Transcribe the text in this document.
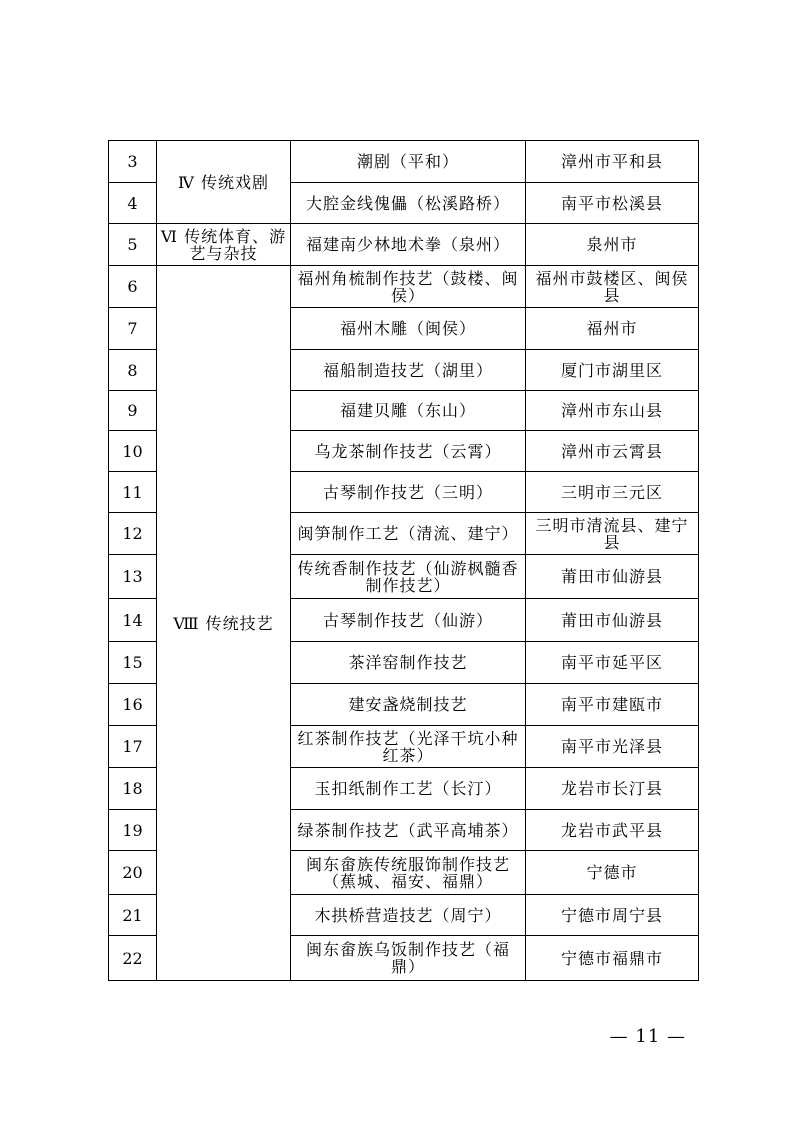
3	Ⅳ 传统戏剧	潮剧（平和）	漳州市平和县
4		大腔金线傀儡（松溪路桥）	南平市松溪县
5	Ⅵ 传统体育、游艺与杂技	福建南少林地术拳（泉州）	泉州市
6	Ⅷ 传统技艺	福州角梳制作技艺（鼓楼、闽侯）	福州市鼓楼区、闽侯县
7		福州木雕（闽侯）	福州市
8		福船制造技艺（湖里）	厦门市湖里区
9		福建贝雕（东山）	漳州市东山县
10		乌龙茶制作技艺（云霄）	漳州市云霄县
11		古琴制作技艺（三明）	三明市三元区
12		闽笋制作工艺（清流、建宁）	三明市清流县、建宁县
13		传统香制作技艺（仙游枫髓香制作技艺）	莆田市仙游县
14		古琴制作技艺（仙游）	莆田市仙游县
15		茶洋窑制作技艺	南平市延平区
16		建安盏烧制技艺	南平市建瓯市
17		红茶制作技艺（光泽干坑小种红茶）	南平市光泽县
18		玉扣纸制作工艺（长汀）	龙岩市长汀县
19		绿茶制作技艺（武平高埔茶）	龙岩市武平县
20		闽东畲族传统服饰制作技艺（蕉城、福安、福鼎）	宁德市
21		木拱桥营造技艺（周宁）	宁德市周宁县
22		闽东畲族乌饭制作技艺（福鼎）	宁德市福鼎市
— 11 —
